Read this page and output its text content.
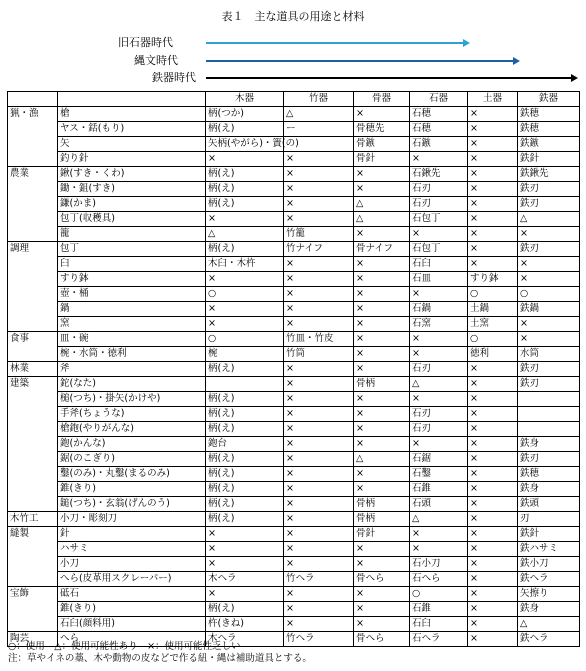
表１　主な道具の用途と材料
旧石器時代
縄文時代
鉄器時代
		木器	竹器	骨器	石器	土器	鉄器
猟・漁	槍	柄(つか)	△	×	石穂	×	鉄穂
	ヤス・銛(もり)	柄(え)	ー	骨穂先	石穂	×	鉄穂
	矢	矢柄(やがら)・簀(の)		骨鏃	石鏃	×	鉄鏃
	釣り針	×	×	骨針	×	×	鉄針
農業	鍬(すき・くわ)	柄(え)	×	×	石鍬先	×	鉄鍬先
	鋤・鉏(すき)	柄(え)	×	×	石刃	×	鉄刃
	鎌(かま)	柄(え)	×	△	石刃	×	鉄刃
	包丁(収穫具)	×	×	△	石包丁	×	△
	籠	△	竹籠	×	×	×	×
調理	包丁	柄(え)	竹ナイフ	骨ナイフ	石包丁	×	鉄刃
	臼	木臼・木杵	×	×	石臼	×	×
	すり鉢	×	×	×	石皿	すり鉢	×
	壺・桶	○	×	×	×	○	○
	鍋	×	×	×	石鍋	土鍋	鉄鍋
	窯	×	×	×	石窯	土窯	×
食事	皿・碗	○	竹皿・竹皮	×	×	○	×
	椀・水筒・徳利	椀	竹筒	×	×	徳利	水筒
林業	斧	柄(え)	×	×	石刃	×	鉄刃
建築	鉈(なた)		×	骨柄	△	×	鉄刃
	槌(つち)・掛矢(かけや)	柄(え)	×	×	×	×	
	手斧(ちょうな)	柄(え)	×	×	石刃	×	
	槍鉋(やりがんな)	柄(え)	×	×	石刃	×	
	鉋(かんな)	鉋台	×	×	×	×	鉄身
	鋸(のこぎり)	柄(え)	×	△	石鋸	×	鉄刃
	鑿(のみ)・丸鑿(まるのみ)	柄(え)	×	×	石鑿	×	鉄穂
	錐(きり)	柄(え)	×	×	石錐	×	鉄身
	鎚(つち)・玄翁(げんのう)	柄(え)	×	骨柄	石頭	×	鉄頭
木竹工	小刀・彫刻刀	柄(え)	×	骨柄	△	×	刃
縫製	針	×	×	骨針	×	×	鉄針
	ハサミ	×	×	×	×	×	鉄ハサミ
	小刀	×	×	×	石小刀	×	鉄小刀
	へら(皮革用スクレーパー)	木ヘラ	竹ヘラ	骨へら	石へら	×	鉄ヘラ
宝飾	砥石	×	×	×	○	×	矢擦り
	錐(きり)	柄(え)	×	×	石錐	×	鉄身
	石臼(顔料用)	杵(きね)	×	×	石臼	×	△
陶芸	へら	木ヘラ	竹ヘラ	骨へら	石ヘラ	×	鉄ヘラ
○：使用　△：使用可能性あり　×：使用可能性乏しい
注：草やイネの藁、木や動物の皮などで作る紐・縄は補助道具とする。
